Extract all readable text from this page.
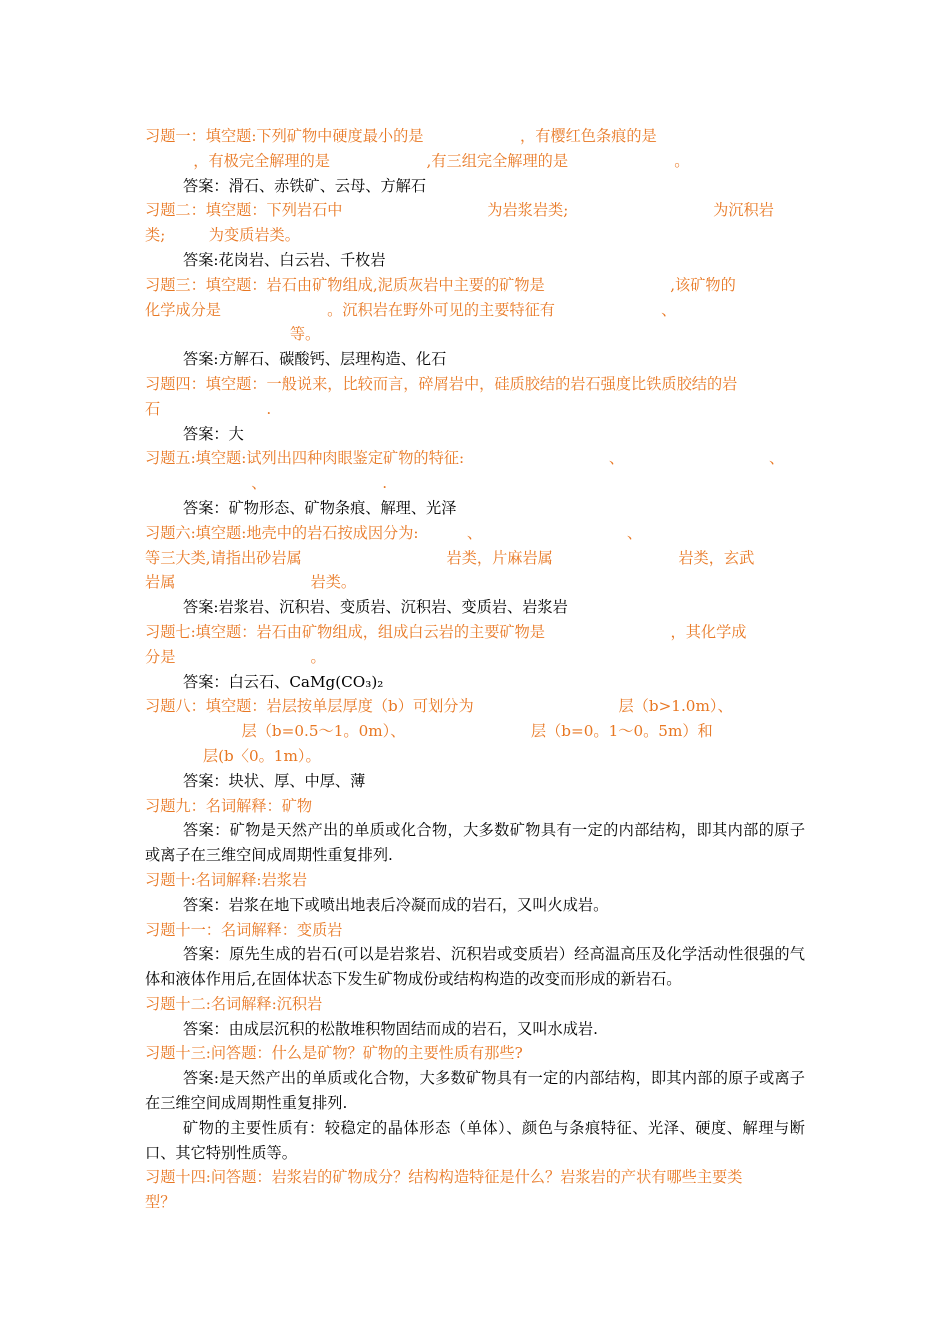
习题一：填空题:下列矿物中硬度最小的是                    ，有樱红色条痕的是

，有极完全解理的是                    ,有三组完全解理的是                      。

答案：滑石、赤铁矿、云母、方解石

习题二：填空题：下列岩石中                              为岩浆岩类;                              为沉积岩

类;         为变质岩类。

答案:花岗岩、白云岩、千枚岩

习题三：填空题：岩石由矿物组成,泥质灰岩中主要的矿物是                          ,该矿物的

化学成分是                      。沉积岩在野外可见的主要特征有                      、

等。

答案:方解石、碳酸钙、层理构造、化石

习题四：填空题：一般说来，比较而言，碎屑岩中，硅质胶结的岩石强度比铁质胶结的岩

石                      .

答案：大

习题五:填空题:试列出四种肉眼鉴定矿物的特征:                              、                              、

、                        .

答案：矿物形态、矿物条痕、解理、光泽

习题六:填空题:地壳中的岩石按成因分为:          、                              、

等三大类,请指出砂岩属                              岩类，片麻岩属                          岩类，玄武

岩属                            岩类。

答案:岩浆岩、沉积岩、变质岩、沉积岩、变质岩、岩浆岩

习题七:填空题：岩石由矿物组成，组成白云岩的主要矿物是                          ，其化学成

分是                            。

答案：白云石、CaMg(CO₃)₂

习题八：填空题：岩层按单层厚度（b）可划分为                              层（b>1.0m）、

层（b=0.5～1。0m）、                          层（b=0。1～0。5m）和

层(b〈0。1m）。

答案：块状、厚、中厚、薄

习题九：名词解释：矿物

答案：矿物是天然产出的单质或化合物，大多数矿物具有一定的内部结构，即其内部的原子或离子在三维空间成周期性重复排列.

习题十:名词解释:岩浆岩

答案：岩浆在地下或喷出地表后冷凝而成的岩石，又叫火成岩。

习题十一：名词解释：变质岩

答案：原先生成的岩石(可以是岩浆岩、沉积岩或变质岩）经高温高压及化学活动性很强的气体和液体作用后,在固体状态下发生矿物成份或结构构造的改变而形成的新岩石。

习题十二:名词解释:沉积岩

答案：由成层沉积的松散堆积物固结而成的岩石，又叫水成岩.

习题十三:问答题：什么是矿物？矿物的主要性质有那些?

答案:是天然产出的单质或化合物，大多数矿物具有一定的内部结构，即其内部的原子或离子在三维空间成周期性重复排列.

矿物的主要性质有：较稳定的晶体形态（单体）、颜色与条痕特征、光泽、硬度、解理与断口、其它特别性质等。

习题十四:问答题：岩浆岩的矿物成分？结构构造特征是什么？岩浆岩的产状有哪些主要类

型？
